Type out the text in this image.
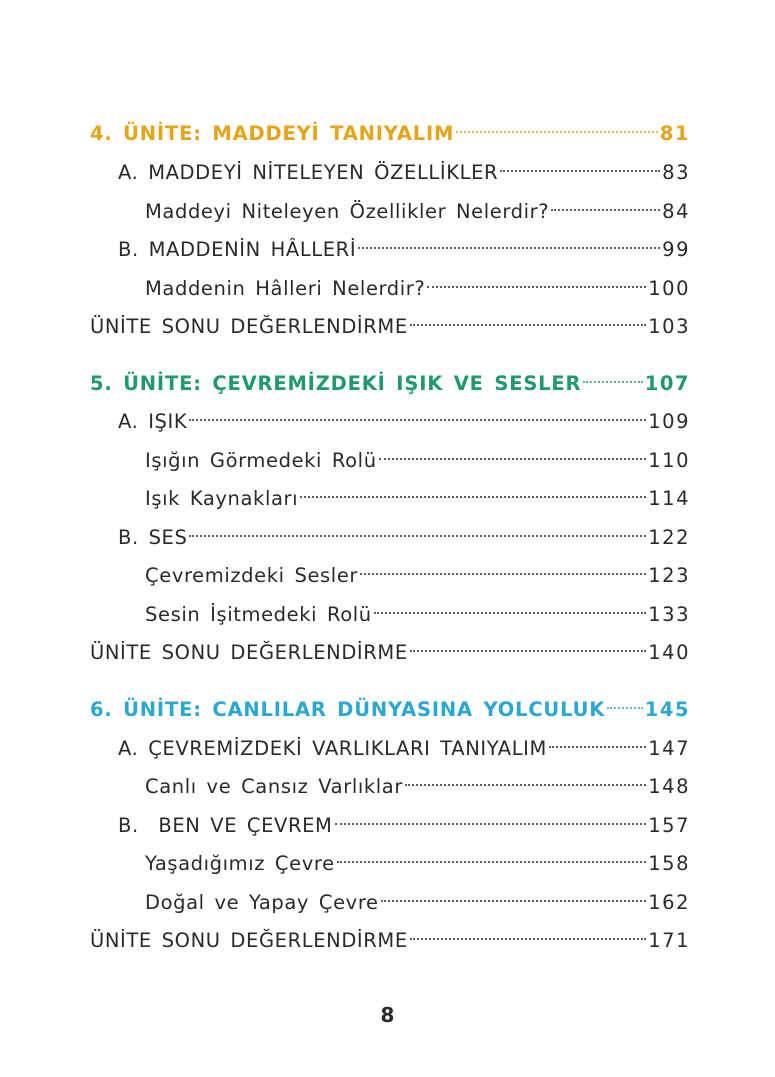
4. ÜNİTE: MADDEYİ TANIYALIM	81
A. MADDEYİ NİTELEYEN ÖZELLİKLER	83
Maddeyi Niteleyen Özellikler Nelerdir?	84
B. MADDENİN HÂLLERİ	99
Maddenin Hâlleri Nelerdir?	100
ÜNİTE SONU DEĞERLENDİRME	103
5. ÜNİTE: ÇEVREMİZDEKİ IŞIK VE SESLER	107
A. IŞIK	109
Işığın Görmedeki Rolü	110
Işık Kaynakları	114
B. SES	122
Çevremizdeki Sesler	123
Sesin İşitmedeki Rolü	133
ÜNİTE SONU DEĞERLENDİRME	140
6. ÜNİTE: CANLILAR DÜNYASINA YOLCULUK 145
A. ÇEVREMİZDEKİ VARLIKLARI TANIYALIM	147
Canlı ve Cansız Varlıklar	148
B.  BEN VE ÇEVREM	157
Yaşadığımız Çevre	158
Doğal ve Yapay Çevre	162
ÜNİTE SONU DEĞERLENDİRME	171
8
